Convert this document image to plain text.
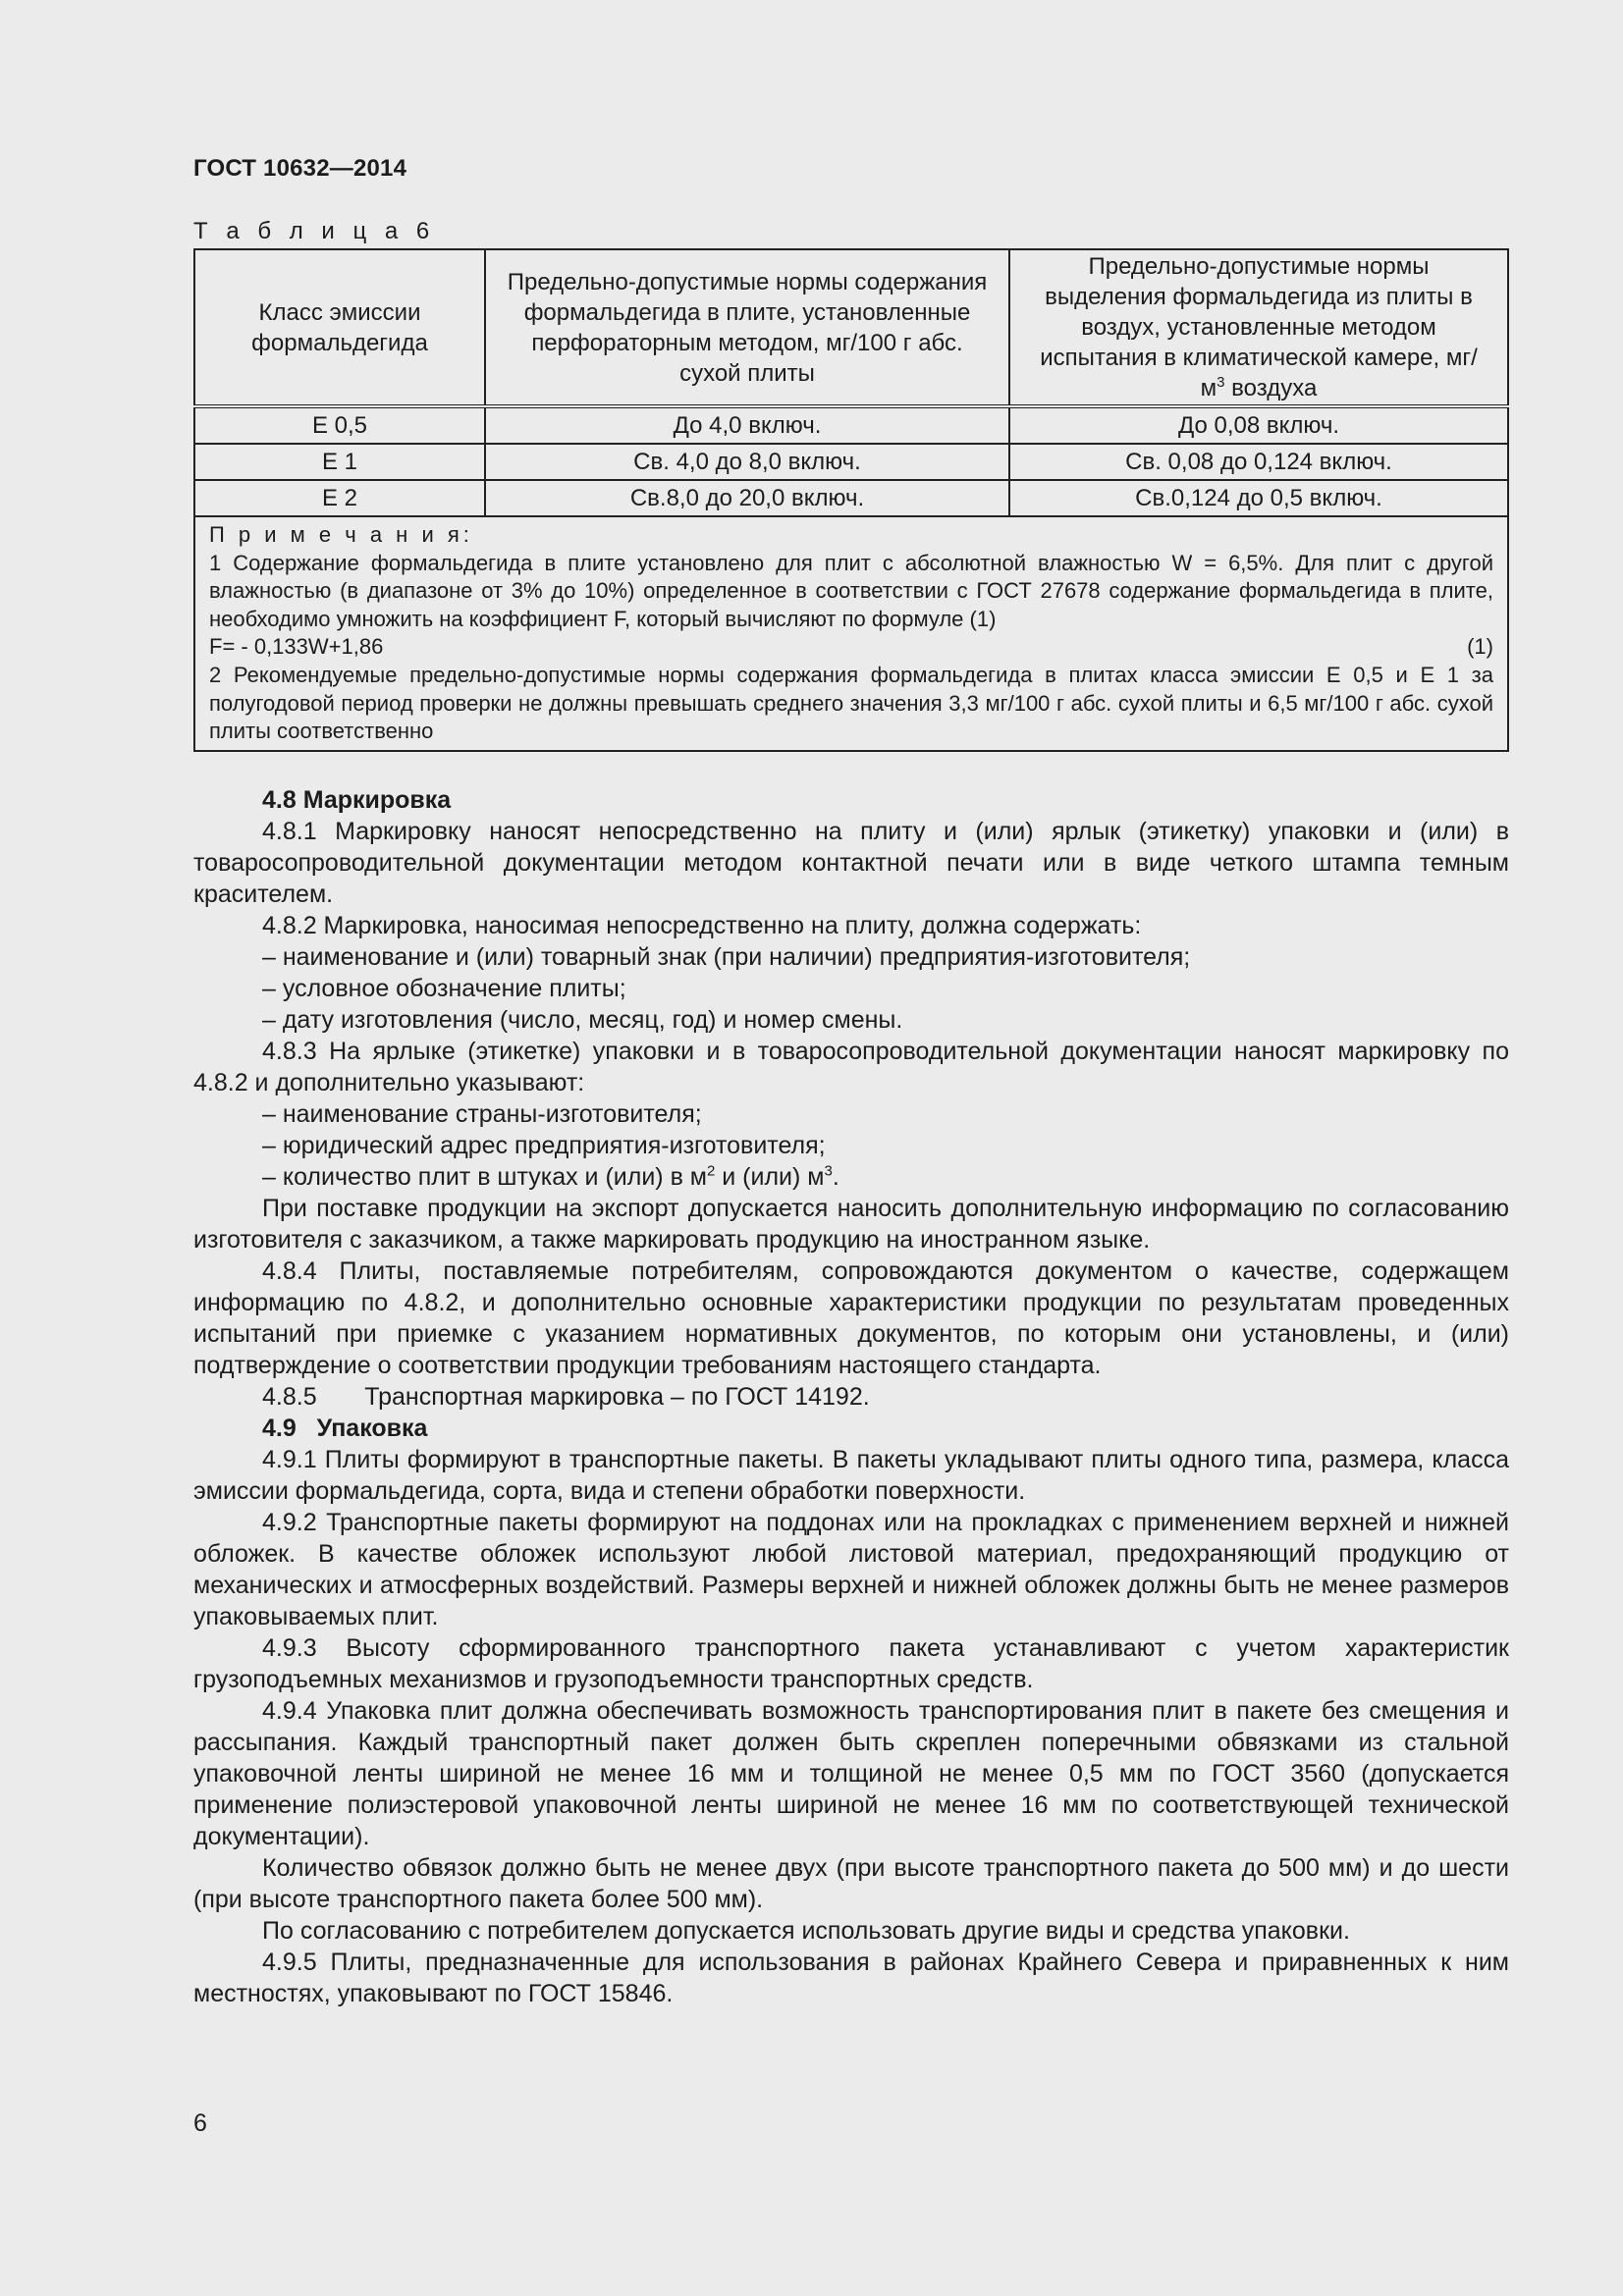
ГОСТ 10632—2014
Т а б л и ц а 6
Класс эмиссии формальдегида	Предельно-допустимые нормы содержания формальдегида в плите, установленные перфораторным методом, мг/100 г абс. сухой плиты	Предельно-допустимые нормы выделения формальдегида из плиты в воздух, установленные методом испытания в климатической камере, $мг/м^3$ воздуха
Е 0,5	До 4,0 включ.	До 0,08 включ.
Е 1	Св. 4,0 до 8,0 включ.	Св. 0,08 до 0,124 включ.
Е 2	Св.8,0 до 20,0 включ.	Св.0,124 до 0,5 включ.

П р и м е ч а н и я:

1 Содержание формальдегида в плите установлено для плит с абсолютной влажностью W = 6,5%. Для плит с другой влажностью (в диапазоне от 3% до 10%) определенное в соответствии с ГОСТ 27678 содержание формальдегида в плите, необходимо умножить на коэффициент F, который вычисляют по формуле (1)

F= - 0,133W+1,86 (1)

2 Рекомендуемые предельно-допустимые нормы содержания формальдегида в плитах класса эмиссии Е 0,5 и Е 1 за полугодовой период проверки не должны превышать среднего значения 3,3 мг/100 г абс. сухой плиты и 6,5 мг/100 г абс. сухой плиты соответственно		

4.8 Маркировка

4.8.1 Маркировку наносят непосредственно на плиту и (или) ярлык (этикетку) упаковки и (или) в товаросопроводительной документации методом контактной печати или в виде четкого штампа темным красителем.

4.8.2 Маркировка, наносимая непосредственно на плиту, должна содержать:

– наименование и (или) товарный знак (при наличии) предприятия-изготовителя;

– условное обозначение плиты;

– дату изготовления (число, месяц, год) и номер смены.

4.8.3 На ярлыке (этикетке) упаковки и в товаросопроводительной документации наносят маркировку по 4.8.2 и дополнительно указывают:

– наименование страны-изготовителя;

– юридический адрес предприятия-изготовителя;

– количество плит в штуках и (или) в $м^2$ и (или) $м^3$.

При поставке продукции на экспорт допускается наносить дополнительную информацию по согласованию изготовителя с заказчиком, а также маркировать продукцию на иностранном языке.

4.8.4 Плиты, поставляемые потребителям, сопровождаются документом о качестве, содержащем информацию по 4.8.2, и дополнительно основные характеристики продукции по результатам проведенных испытаний при приемке с указанием нормативных документов, по которым они установлены, и (или) подтверждение о соответствии продукции требованиям настоящего стандарта.

4.8.5       Транспортная маркировка – по ГОСТ 14192.

4.9   Упаковка

4.9.1 Плиты формируют в транспортные пакеты. В пакеты укладывают плиты одного типа, размера, класса эмиссии формальдегида, сорта, вида и степени обработки поверхности.

4.9.2 Транспортные пакеты формируют на поддонах или на прокладках с применением верхней и нижней обложек. В качестве обложек используют любой листовой материал, предохраняющий продукцию от механических и атмосферных воздействий. Размеры верхней и нижней обложек должны быть не менее размеров упаковываемых плит.

4.9.3 Высоту сформированного транспортного пакета устанавливают с учетом характеристик грузоподъемных механизмов и грузоподъемности транспортных средств.

4.9.4 Упаковка плит должна обеспечивать возможность транспортирования плит в пакете без смещения и рассыпания. Каждый транспортный пакет должен быть скреплен поперечными обвязками из стальной упаковочной ленты шириной не менее 16 мм и толщиной не менее 0,5 мм по ГОСТ 3560 (допускается применение полиэстеровой упаковочной ленты шириной не менее 16 мм по соответствующей технической документации).

Количество обвязок должно быть не менее двух (при высоте транспортного пакета до 500 мм) и до шести (при высоте транспортного пакета более 500 мм).

По согласованию с потребителем допускается использовать другие виды и средства упаковки.

4.9.5 Плиты, предназначенные для использования в районах Крайнего Севера и приравненных к ним местностях, упаковывают по ГОСТ 15846.

6
